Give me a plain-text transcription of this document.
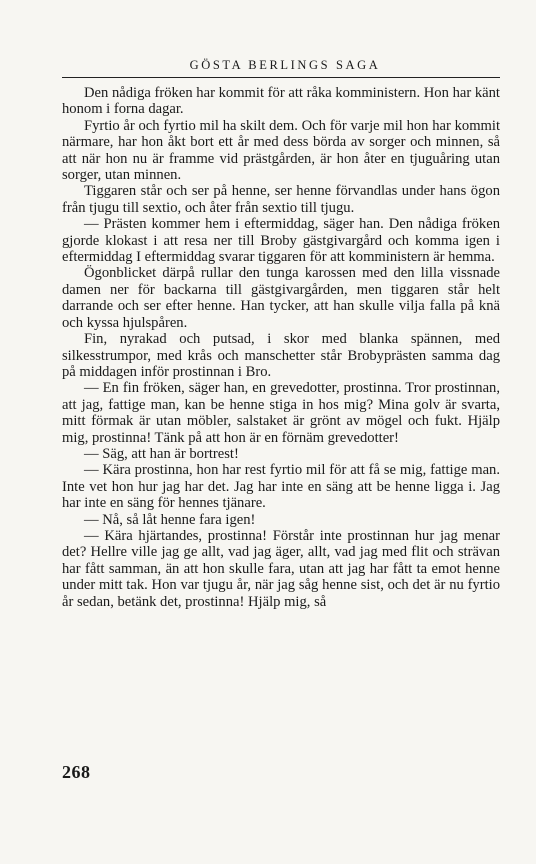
GÖSTA BERLINGS SAGA

Den nådiga fröken har kommit för att råka komministern. Hon har känt honom i forna dagar.

Fyrtio år och fyrtio mil ha skilt dem. Och för varje mil hon har kommit närmare, har hon åkt bort ett år med dess börda av sorger och minnen, så att när hon nu är framme vid prästgården, är hon åter en tjuguåring utan sorger, utan minnen.

Tiggaren står och ser på henne, ser henne förvandlas under hans ögon från tjugu till sextio, och åter från sextio till tjugu.

— Prästen kommer hem i eftermiddag, säger han. Den nådiga fröken gjorde klokast i att resa ner till Broby gästgivargård och komma igen i eftermiddag I eftermiddag svarar tiggaren för att komministern är hemma.

Ögonblicket därpå rullar den tunga karossen med den lilla vissnade damen ner för backarna till gästgivargården, men tiggaren står helt darrande och ser efter henne. Han tycker, att han skulle vilja falla på knä och kyssa hjulspåren.

Fin, nyrakad och putsad, i skor med blanka spännen, med silkesstrumpor, med krås och manschetter står Brobyprästen samma dag på middagen inför prostinnan i Bro.

— En fin fröken, säger han, en grevedotter, prostinna. Tror prostinnan, att jag, fattige man, kan be henne stiga in hos mig? Mina golv är svarta, mitt förmak är utan möbler, salstaket är grönt av mögel och fukt. Hjälp mig, prostinna! Tänk på att hon är en förnäm grevedotter!

— Säg, att han är bortrest!

— Kära prostinna, hon har rest fyrtio mil för att få se mig, fattige man. Inte vet hon hur jag har det. Jag har inte en säng att be henne ligga i. Jag har inte en säng för hennes tjänare.

— Nå, så låt henne fara igen!

— Kära hjärtandes, prostinna! Förstår inte prostinnan hur jag menar det? Hellre ville jag ge allt, vad jag äger, allt, vad jag med flit och strävan har fått samman, än att hon skulle fara, utan att jag har fått ta emot henne under mitt tak. Hon var tjugu år, när jag såg henne sist, och det är nu fyrtio år sedan, betänk det, prostinna! Hjälp mig, så

268
